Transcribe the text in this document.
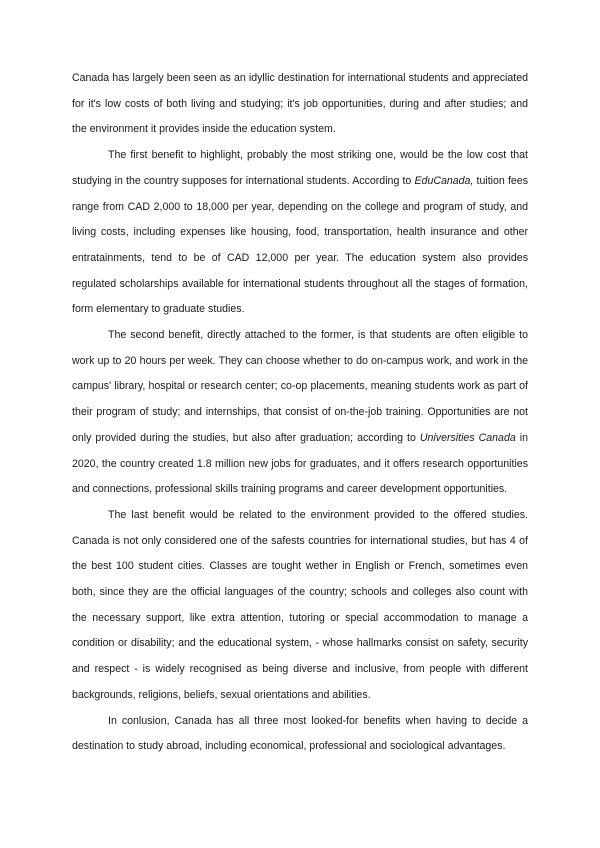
Canada has largely been seen as an idyllic destination for international students and appreciated for it's low costs of both living and studying; it's job opportunities, during and after studies; and the environment it provides inside the education system.

The first benefit to highlight, probably the most striking one, would be the low cost that studying in the country supposes for international students. According to EduCanada, tuition fees range from CAD 2,000 to 18,000 per year, depending on the college and program of study, and living costs, including expenses like housing, food, transportation, health insurance and other entratainments, tend to be of CAD 12,000 per year. The education system also provides regulated scholarships available for international students throughout all the stages of formation, form elementary to graduate studies.

The second benefit, directly attached to the former, is that students are often eligible to work up to 20 hours per week. They can choose whether to do on-campus work, and work in the campus' library, hospital or research center; co-op placements, meaning students work as part of their program of study; and internships, that consist of on-the-job training. Opportunities are not only provided during the studies, but also after graduation; according to Universities Canada in 2020, the country created 1.8 million new jobs for graduates, and it offers research opportunities and connections, professional skills training programs and career development opportunities.

The last benefit would be related to the environment provided to the offered studies. Canada is not only considered one of the safests countries for international studies, but has 4 of the best 100 student cities. Classes are tought wether in English or French, sometimes even both, since they are the official languages of the country; schools and colleges also count with the necessary support, like extra attention, tutoring or special accommodation to manage a condition or disability; and the educational system, - whose hallmarks consist on safety, security and respect - is widely recognised as being diverse and inclusive, from people with different backgrounds, religions, beliefs, sexual orientations and abilities.

In conlusion, Canada has all three most looked-for benefits when having to decide a destination to study abroad, including economical, professional and sociological advantages.
